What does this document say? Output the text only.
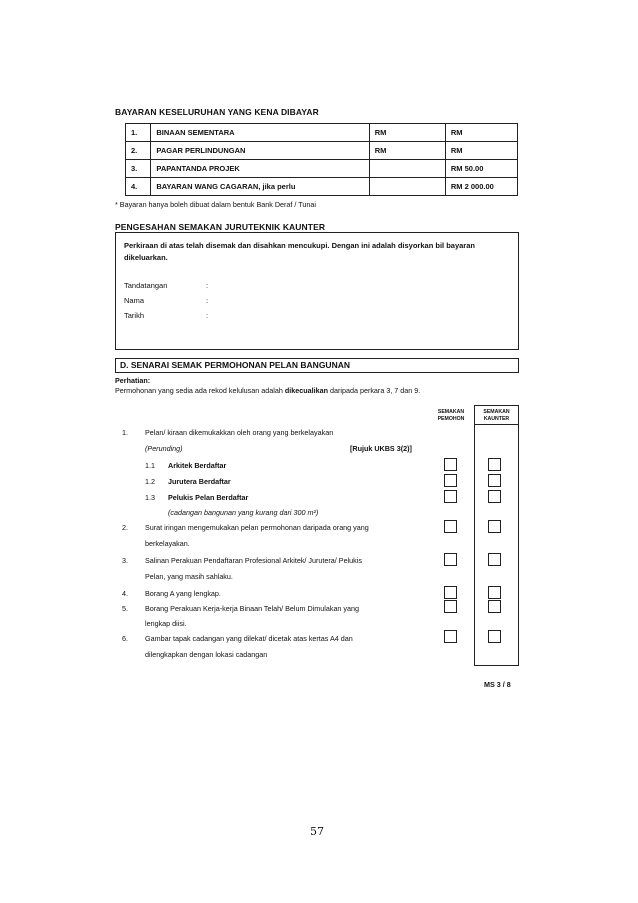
BAYARAN KESELURUHAN YANG KENA DIBAYAR
1.	BINAAN SEMENTARA	RM	RM
2.	PAGAR PERLINDUNGAN	RM	RM
3.	PAPANTANDA PROJEK		RM 50.00
4.	BAYARAN WANG CAGARAN, jika perlu		RM 2 000.00
* Bayaran hanya boleh dibuat dalam bentuk Bank Deraf / Tunai
PENGESAHAN SEMAKAN JURUTEKNIK KAUNTER
Perkiraan di atas telah disemak dan disahkan mencukupi. Dengan ini adalah disyorkan bil bayaran dikeluarkan.
Tandatangan	:
Nama	:
Tarikh	:
D. SENARAI SEMAK PERMOHONAN PELAN BANGUNAN
Perhatian:
Permohonan yang sedia ada rekod kelulusan adalah dikecualikan daripada perkara 3, 7 dan 9.
SEMAKAN
PEMOHON
SEMAKAN
KAUNTER
1. Pelan/ kiraan dikemukakkan oleh orang yang berkelayakan
(Perunding)	[Rujuk UKBS 3(2)]
1.1 Arkitek Berdaftar
1.2 Jurutera Berdaftar
1.3 Pelukis Pelan Berdaftar
(cadangan bangunan yang kurang dari 300 m²)
2. Surat iringan mengemukakan pelan permohonan daripada orang yang
berkelayakan.
3. Salinan Perakuan Pendaftaran Profesional Arkitek/ Jurutera/ Pelukis
Pelan, yang masih sahlaku.
4. Borang A yang lengkap.
5. Borang Perakuan Kerja-kerja Binaan Telah/ Belum Dimulakan yang
lengkap diisi.
6. Gambar tapak cadangan yang dilekat/ dicetak atas kertas A4 dan
dilengkapkan dengan lokasi cadangan
MS 3 / 8
57
